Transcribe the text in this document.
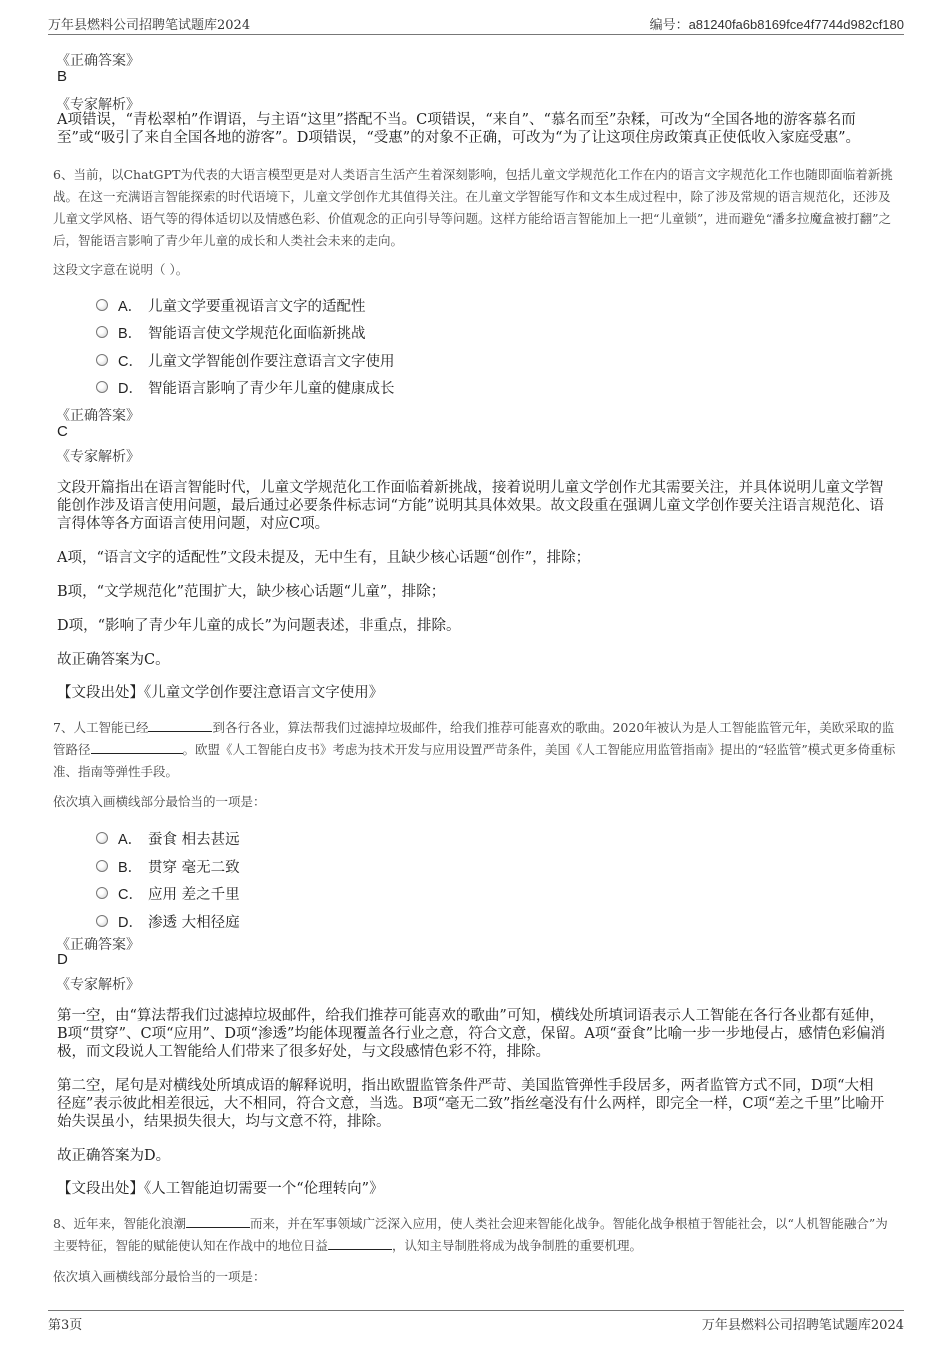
万年县燃料公司招聘笔试题库2024	编号：a81240fa6b8169fce4f7744d982cf180
《正确答案》
B
《专家解析》
A项错误，“青松翠柏”作谓语，与主语“这里”搭配不当。C项错误，“来自”、“慕名而至”杂糅，可改为“全国各地的游客慕名而至”或“吸引了来自全国各地的游客”。D项错误，“受惠”的对象不正确，可改为“为了让这项住房政策真正使低收入家庭受惠”。
6、当前，以ChatGPT为代表的大语言模型更是对人类语言生活产生着深刻影响，包括儿童文学规范化工作在内的语言文字规范化工作也随即面临着新挑战。在这一充满语言智能探索的时代语境下，儿童文学创作尤其值得关注。在儿童文学智能写作和文本生成过程中，除了涉及常规的语言规范化，还涉及儿童文学风格、语气等的得体适切以及情感色彩、价值观念的正向引导等问题。这样方能给语言智能加上一把“儿童锁”，进而避免“潘多拉魔盒被打翻”之后，智能语言影响了青少年儿童的成长和人类社会未来的走向。
这段文字意在说明（ ）。
A． 儿童文学要重视语言文字的适配性
B． 智能语言使文学规范化面临新挑战
C． 儿童文学智能创作要注意语言文字使用
D． 智能语言影响了青少年儿童的健康成长
《正确答案》
C
《专家解析》
文段开篇指出在语言智能时代，儿童文学规范化工作面临着新挑战，接着说明儿童文学创作尤其需要关注，并具体说明儿童文学智能创作涉及语言使用问题，最后通过必要条件标志词“方能”说明其具体效果。故文段重在强调儿童文学创作要关注语言规范化、语言得体等各方面语言使用问题，对应C项。
A项，“语言文字的适配性”文段未提及，无中生有，且缺少核心话题“创作”，排除；
B项，“文学规范化”范围扩大，缺少核心话题“儿童”，排除；
D项，“影响了青少年儿童的成长”为问题表述，非重点，排除。
故正确答案为C。
【文段出处】《儿童文学创作要注意语言文字使用》
7、人工智能已经	到各行各业，算法帮我们过滤掉垃圾邮件，给我们推荐可能喜欢的歌曲。2020年被认为是人工智能监管元年，美欧采取的监管路径	。欧盟《人工智能白皮书》考虑为技术开发与应用设置严苛条件，美国《人工智能应用监管指南》提出的“轻监管”模式更多倚重标准、指南等弹性手段。
依次填入画横线部分最恰当的一项是：
A． 蚕食 相去甚远
B． 贯穿 毫无二致
C． 应用 差之千里
D． 渗透 大相径庭
《正确答案》
D
《专家解析》
第一空，由“算法帮我们过滤掉垃圾邮件，给我们推荐可能喜欢的歌曲”可知，横线处所填词语表示人工智能在各行各业都有延伸，B项“贯穿”、C项“应用”、D项“渗透”均能体现覆盖各行业之意，符合文意，保留。A项“蚕食”比喻一步一步地侵占，感情色彩偏消极，而文段说人工智能给人们带来了很多好处，与文段感情色彩不符，排除。
第二空，尾句是对横线处所填成语的解释说明，指出欧盟监管条件严苛、美国监管弹性手段居多，两者监管方式不同，D项“大相径庭”表示彼此相差很远，大不相同，符合文意，当选。B项“毫无二致”指丝毫没有什么两样，即完全一样，C项“差之千里”比喻开始失误虽小，结果损失很大，均与文意不符，排除。
故正确答案为D。
【文段出处】《人工智能迫切需要一个“伦理转向”》
8、近年来，智能化浪潮	而来，并在军事领域广泛深入应用，使人类社会迎来智能化战争。智能化战争根植于智能社会，以“人机智能融合”为主要特征，智能的赋能使认知在作战中的地位日益	，认知主导制胜将成为战争制胜的重要机理。
依次填入画横线部分最恰当的一项是：
第3页	万年县燃料公司招聘笔试题库2024
